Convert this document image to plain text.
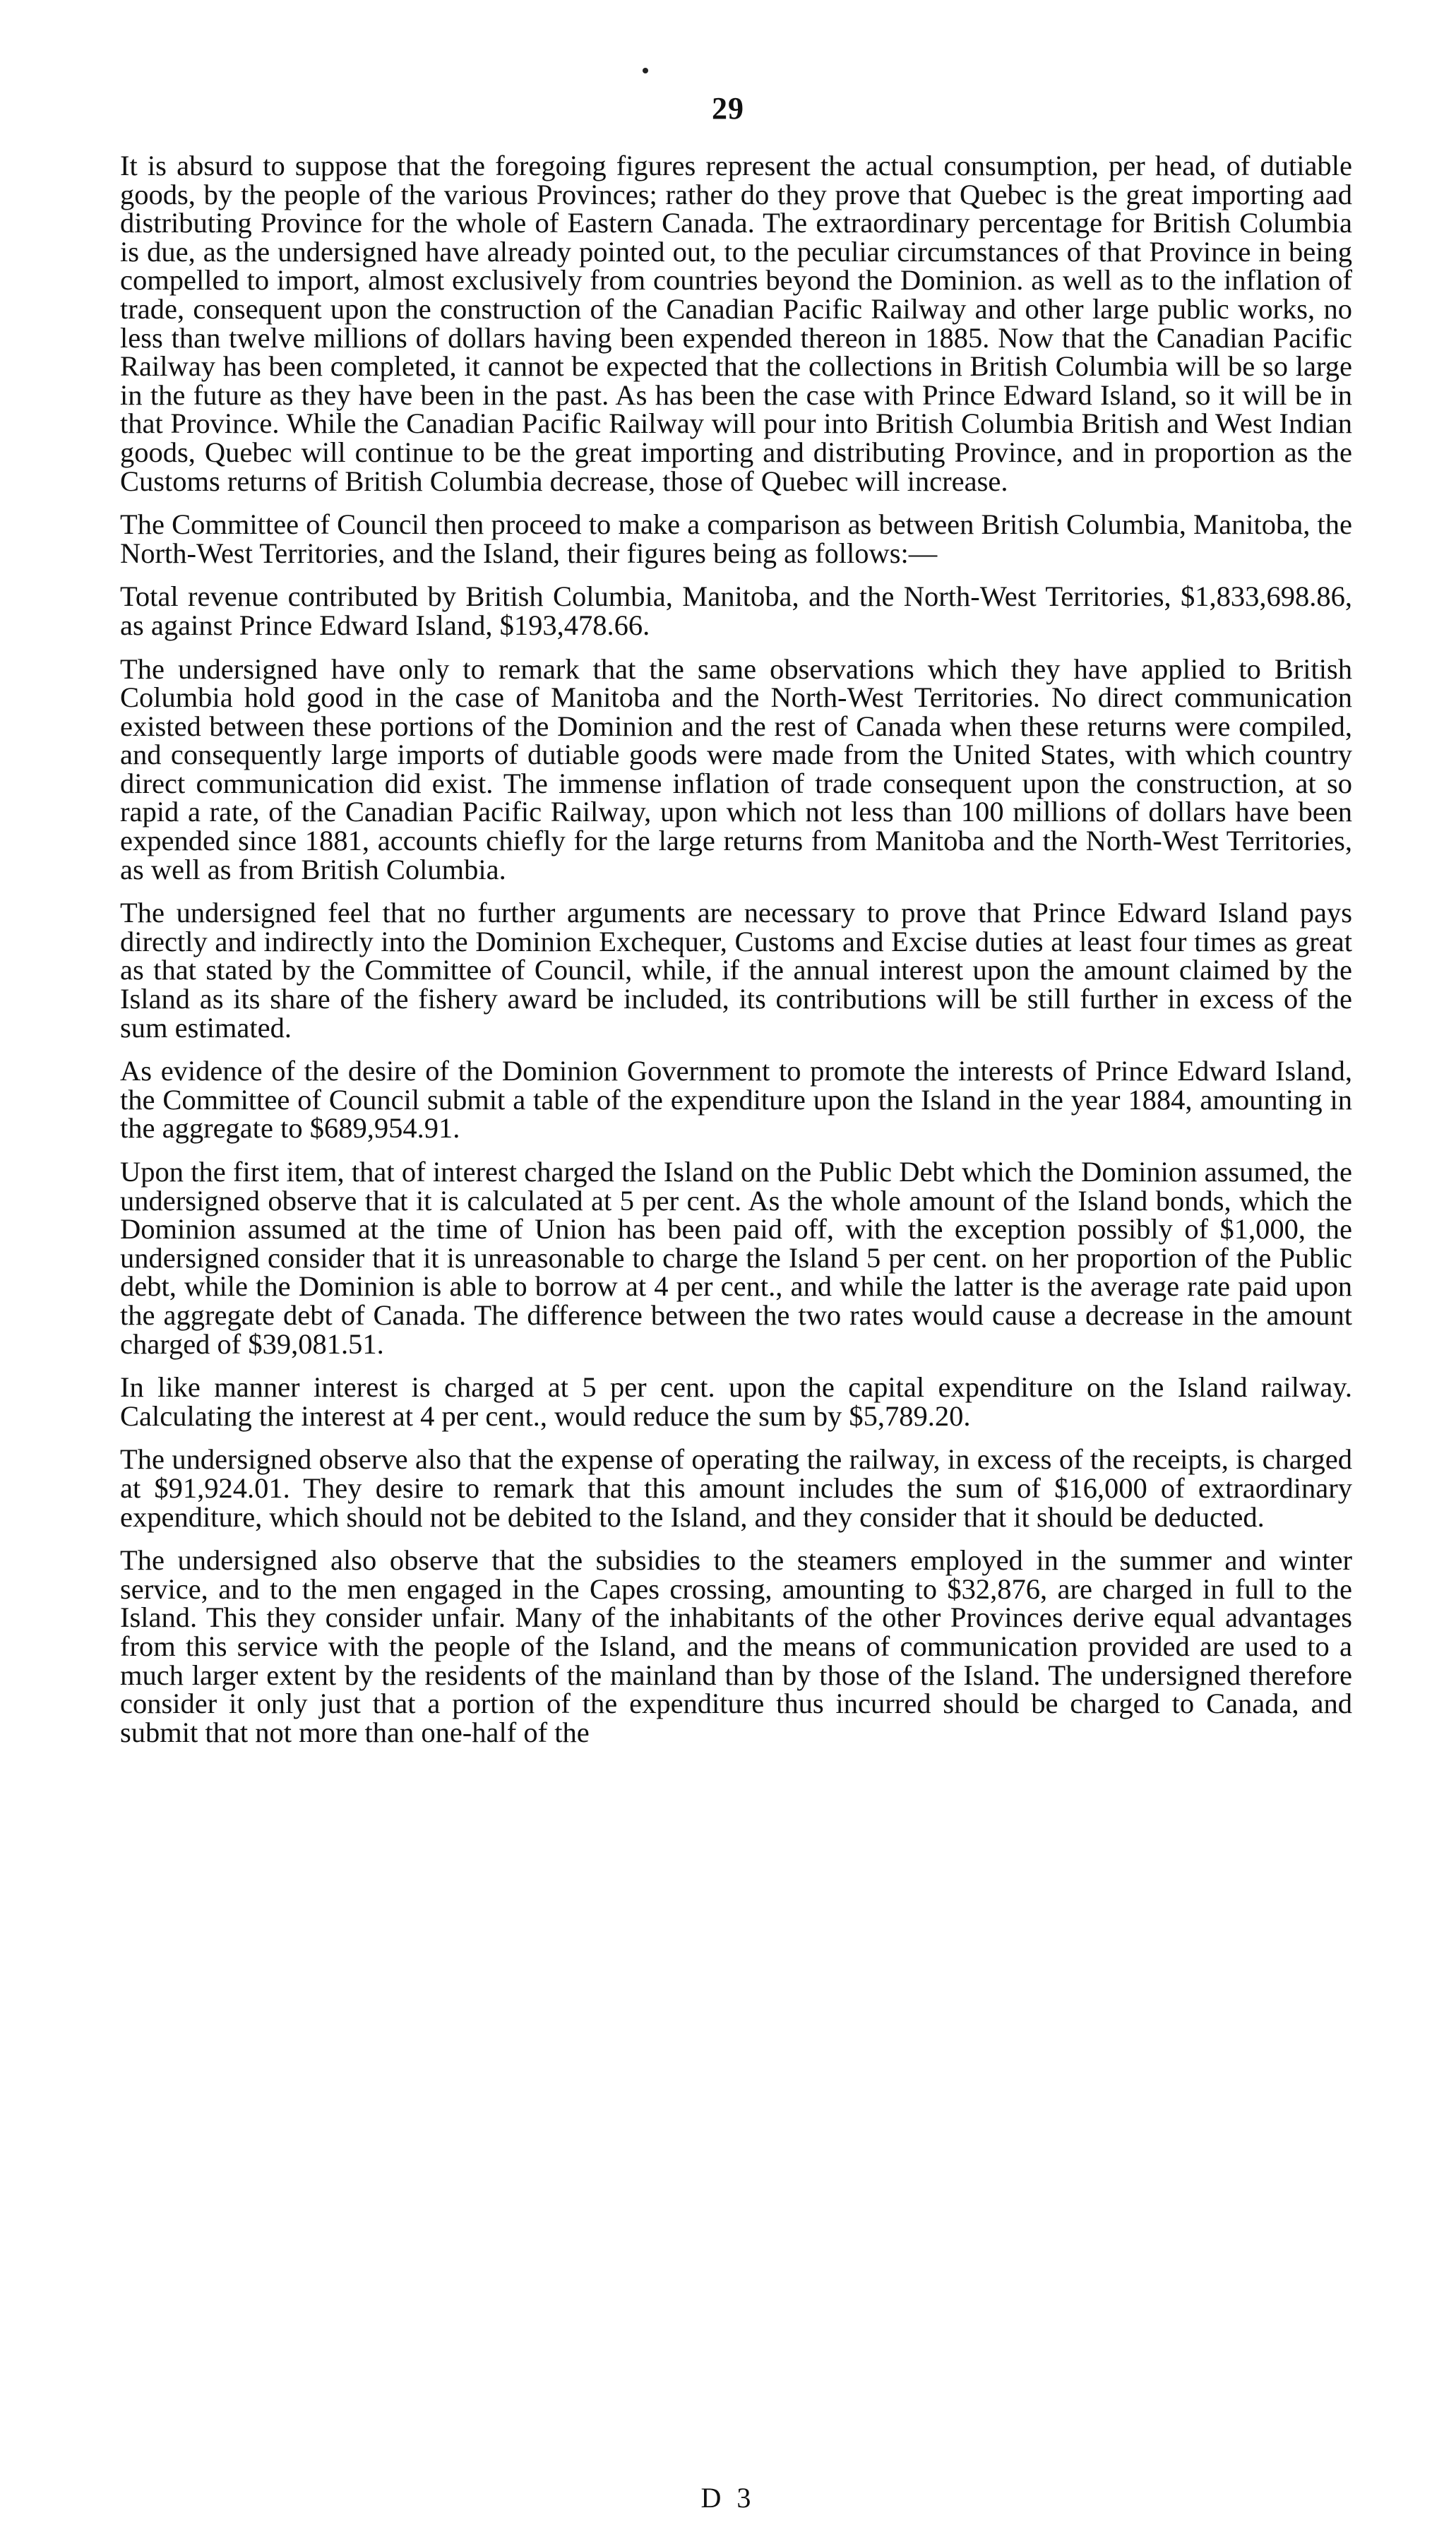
29

It is absurd to suppose that the foregoing figures represent the actual consumption, per head, of dutiable goods, by the people of the various Provinces; rather do they prove that Quebec is the great importing aad distributing Province for the whole of Eastern Canada. The extraordinary percentage for British Columbia is due, as the undersigned have already pointed out, to the peculiar circumstances of that Province in being compelled to import, almost exclusively from countries beyond the Dominion. as well as to the inflation of trade, consequent upon the construction of the Canadian Pacific Railway and other large public works, no less than twelve millions of dollars having been expended thereon in 1885. Now that the Canadian Pacific Railway has been completed, it cannot be expected that the collections in British Columbia will be so large in the future as they have been in the past. As has been the case with Prince Edward Island, so it will be in that Province. While the Canadian Pacific Railway will pour into British Columbia British and West Indian goods, Quebec will continue to be the great importing and distributing Province, and in proportion as the Customs returns of British Columbia decrease, those of Quebec will increase.

The Committee of Council then proceed to make a comparison as between British Columbia, Manitoba, the North-West Territories, and the Island, their figures being as follows:—

Total revenue contributed by British Columbia, Manitoba, and the North-West Territories, $1,833,698.86, as against Prince Edward Island, $193,478.66.

The undersigned have only to remark that the same observations which they have applied to British Columbia hold good in the case of Manitoba and the North-West Territories. No direct communication existed between these portions of the Dominion and the rest of Canada when these returns were compiled, and consequently large imports of dutiable goods were made from the United States, with which country direct communication did exist. The immense inflation of trade consequent upon the construction, at so rapid a rate, of the Canadian Pacific Railway, upon which not less than 100 millions of dollars have been expended since 1881, accounts chiefly for the large returns from Manitoba and the North-West Territories, as well as from British Columbia.

The undersigned feel that no further arguments are necessary to prove that Prince Edward Island pays directly and indirectly into the Dominion Exchequer, Customs and Excise duties at least four times as great as that stated by the Committee of Council, while, if the annual interest upon the amount claimed by the Island as its share of the fishery award be included, its contributions will be still further in excess of the sum estimated.

As evidence of the desire of the Dominion Government to promote the interests of Prince Edward Island, the Committee of Council submit a table of the expenditure upon the Island in the year 1884, amounting in the aggregate to $689,954.91.

Upon the first item, that of interest charged the Island on the Public Debt which the Dominion assumed, the undersigned observe that it is calculated at 5 per cent. As the whole amount of the Island bonds, which the Dominion assumed at the time of Union has been paid off, with the exception possibly of $1,000, the undersigned consider that it is unreasonable to charge the Island 5 per cent. on her proportion of the Public debt, while the Dominion is able to borrow at 4 per cent., and while the latter is the average rate paid upon the aggregate debt of Canada. The difference between the two rates would cause a decrease in the amount charged of $39,081.51.

In like manner interest is charged at 5 per cent. upon the capital expenditure on the Island railway. Calculating the interest at 4 per cent., would reduce the sum by $5,789.20.

The undersigned observe also that the expense of operating the railway, in excess of the receipts, is charged at $91,924.01. They desire to remark that this amount includes the sum of $16,000 of extraordinary expenditure, which should not be debited to the Island, and they consider that it should be deducted.

The undersigned also observe that the subsidies to the steamers employed in the summer and winter service, and to the men engaged in the Capes crossing, amounting to $32,876, are charged in full to the Island. This they consider unfair. Many of the inhabitants of the other Provinces derive equal advantages from this service with the people of the Island, and the means of communication provided are used to a much larger extent by the residents of the mainland than by those of the Island. The undersigned therefore consider it only just that a portion of the expenditure thus incurred should be charged to Canada, and submit that not more than one-half of the

D 3
